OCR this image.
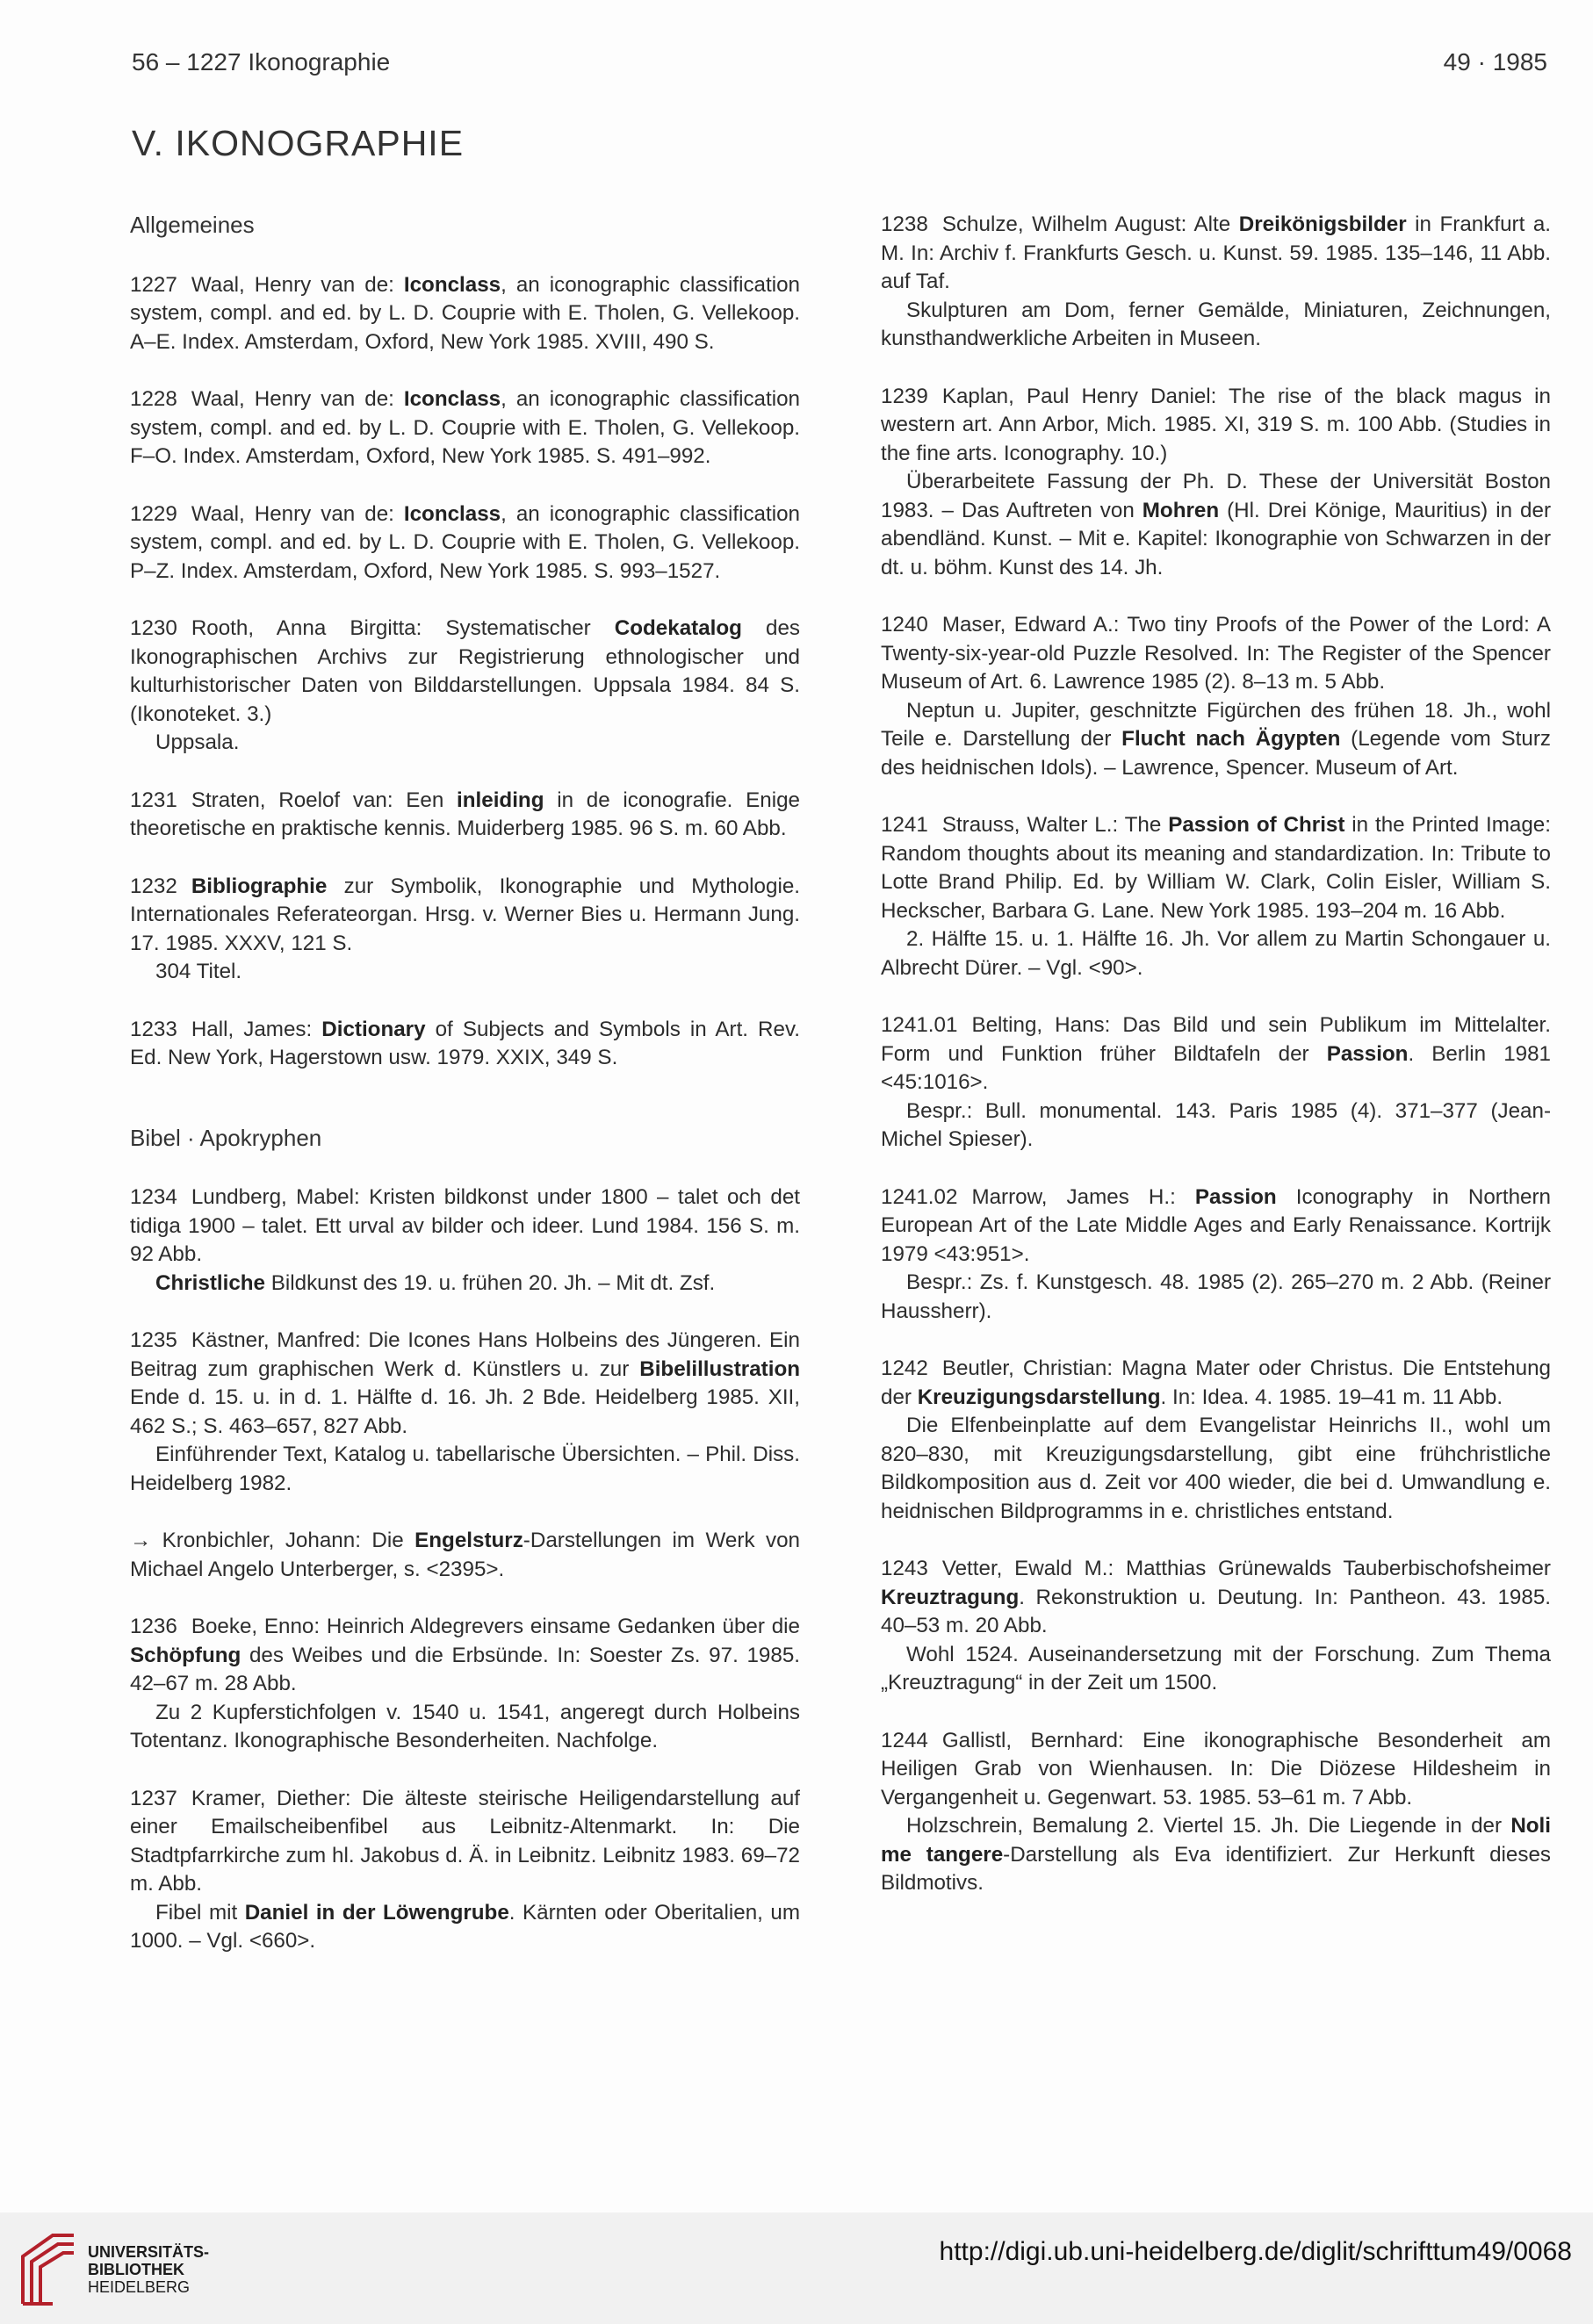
56 – 1227 Ikonographie	49 · 1985
V. IKONOGRAPHIE
Allgemeines

1227 Waal, Henry van de: Iconclass, an iconographic classification system, compl. and ed. by L. D. Couprie with E. Tholen, G. Vellekoop. A–E. Index. Amsterdam, Oxford, New York 1985. XVIII, 490 S.

1228 Waal, Henry van de: Iconclass, an iconographic classification system, compl. and ed. by L. D. Couprie with E. Tholen, G. Vellekoop. F–O. Index. Amsterdam, Oxford, New York 1985. S. 491–992.

1229 Waal, Henry van de: Iconclass, an iconographic classification system, compl. and ed. by L. D. Couprie with E. Tholen, G. Vellekoop. P–Z. Index. Amsterdam, Oxford, New York 1985. S. 993–1527.

1230 Rooth, Anna Birgitta: Systematischer Codekatalog des Ikonographischen Archivs zur Registrierung ethnologischer und kulturhistorischer Daten von Bilddarstellungen. Uppsala 1984. 84 S. (Ikonoteket. 3.)

Uppsala.

1231 Straten, Roelof van: Een inleiding in de iconografie. Enige theoretische en praktische kennis. Muiderberg 1985. 96 S. m. 60 Abb.

1232 Bibliographie zur Symbolik, Ikonographie und Mythologie. Internationales Referateorgan. Hrsg. v. Werner Bies u. Hermann Jung. 17. 1985. XXXV, 121 S.

304 Titel.

1233 Hall, James: Dictionary of Subjects and Symbols in Art. Rev. Ed. New York, Hagerstown usw. 1979. XXIX, 349 S.

Bibel · Apokryphen

1234 Lundberg, Mabel: Kristen bildkonst under 1800 – talet och det tidiga 1900 – talet. Ett urval av bilder och ideer. Lund 1984. 156 S. m. 92 Abb.

Christliche Bildkunst des 19. u. frühen 20. Jh. – Mit dt. Zsf.

1235 Kästner, Manfred: Die Icones Hans Holbeins des Jüngeren. Ein Beitrag zum graphischen Werk d. Künstlers u. zur Bibelillustration Ende d. 15. u. in d. 1. Hälfte d. 16. Jh. 2 Bde. Heidelberg 1985. XII, 462 S.; S. 463–657, 827 Abb.

Einführender Text, Katalog u. tabellarische Übersichten. – Phil. Diss. Heidelberg 1982.

→ Kronbichler, Johann: Die Engelsturz-Darstellungen im Werk von Michael Angelo Unterberger, s. <2395>.

1236 Boeke, Enno: Heinrich Aldegrevers einsame Gedanken über die Schöpfung des Weibes und die Erbsünde. In: Soester Zs. 97. 1985. 42–67 m. 28 Abb.

Zu 2 Kupferstichfolgen v. 1540 u. 1541, angeregt durch Holbeins Totentanz. Ikonographische Besonderheiten. Nachfolge.

1237 Kramer, Diether: Die älteste steirische Heiligendarstellung auf einer Emailscheibenfibel aus Leibnitz-Altenmarkt. In: Die Stadtpfarrkirche zum hl. Jakobus d. Ä. in Leibnitz. Leibnitz 1983. 69–72 m. Abb.

Fibel mit Daniel in der Löwengrube. Kärnten oder Oberitalien, um 1000. – Vgl. <660>.

1238 Schulze, Wilhelm August: Alte Dreikönigsbilder in Frankfurt a. M. In: Archiv f. Frankfurts Gesch. u. Kunst. 59. 1985. 135–146, 11 Abb. auf Taf.

Skulpturen am Dom, ferner Gemälde, Miniaturen, Zeichnungen, kunsthandwerkliche Arbeiten in Museen.

1239 Kaplan, Paul Henry Daniel: The rise of the black magus in western art. Ann Arbor, Mich. 1985. XI, 319 S. m. 100 Abb. (Studies in the fine arts. Iconography. 10.)

Überarbeitete Fassung der Ph. D. These der Universität Boston 1983. – Das Auftreten von Mohren (Hl. Drei Könige, Mauritius) in der abendländ. Kunst. – Mit e. Kapitel: Ikonographie von Schwarzen in der dt. u. böhm. Kunst des 14. Jh.

1240 Maser, Edward A.: Two tiny Proofs of the Power of the Lord: A Twenty-six-year-old Puzzle Resolved. In: The Register of the Spencer Museum of Art. 6. Lawrence 1985 (2). 8–13 m. 5 Abb.

Neptun u. Jupiter, geschnitzte Figürchen des frühen 18. Jh., wohl Teile e. Darstellung der Flucht nach Ägypten (Legende vom Sturz des heidnischen Idols). – Lawrence, Spencer. Museum of Art.

1241 Strauss, Walter L.: The Passion of Christ in the Printed Image: Random thoughts about its meaning and standardization. In: Tribute to Lotte Brand Philip. Ed. by William W. Clark, Colin Eisler, William S. Heckscher, Barbara G. Lane. New York 1985. 193–204 m. 16 Abb.

2. Hälfte 15. u. 1. Hälfte 16. Jh. Vor allem zu Martin Schongauer u. Albrecht Dürer. – Vgl. <90>.

1241.01 Belting, Hans: Das Bild und sein Publikum im Mittelalter. Form und Funktion früher Bildtafeln der Passion. Berlin 1981 <45:1016>.

Bespr.: Bull. monumental. 143. Paris 1985 (4). 371–377 (Jean-Michel Spieser).

1241.02 Marrow, James H.: Passion Iconography in Northern European Art of the Late Middle Ages and Early Renaissance. Kortrijk 1979 <43:951>.

Bespr.: Zs. f. Kunstgesch. 48. 1985 (2). 265–270 m. 2 Abb. (Reiner Haussherr).

1242 Beutler, Christian: Magna Mater oder Christus. Die Entstehung der Kreuzigungsdarstellung. In: Idea. 4. 1985. 19–41 m. 11 Abb.

Die Elfenbeinplatte auf dem Evangelistar Heinrichs II., wohl um 820–830, mit Kreuzigungsdarstellung, gibt eine frühchristliche Bildkomposition aus d. Zeit vor 400 wieder, die bei d. Umwandlung e. heidnischen Bildprogramms in e. christliches entstand.

1243 Vetter, Ewald M.: Matthias Grünewalds Tauberbischofsheimer Kreuztragung. Rekonstruktion u. Deutung. In: Pantheon. 43. 1985. 40–53 m. 20 Abb.

Wohl 1524. Auseinandersetzung mit der Forschung. Zum Thema „Kreuztragung“ in der Zeit um 1500.

1244 Gallistl, Bernhard: Eine ikonographische Besonderheit am Heiligen Grab von Wienhausen. In: Die Diözese Hildesheim in Vergangenheit u. Gegenwart. 53. 1985. 53–61 m. 7 Abb.

Holzschrein, Bemalung 2. Viertel 15. Jh. Die Liegende in der Noli me tangere-Darstellung als Eva identifiziert. Zur Herkunft dieses Bildmotivs.

UNIVERSITÄTS-
BIBLIOTHEK
HEIDELBERG
http://digi.ub.uni-heidelberg.de/diglit/schrifttum49/0068
